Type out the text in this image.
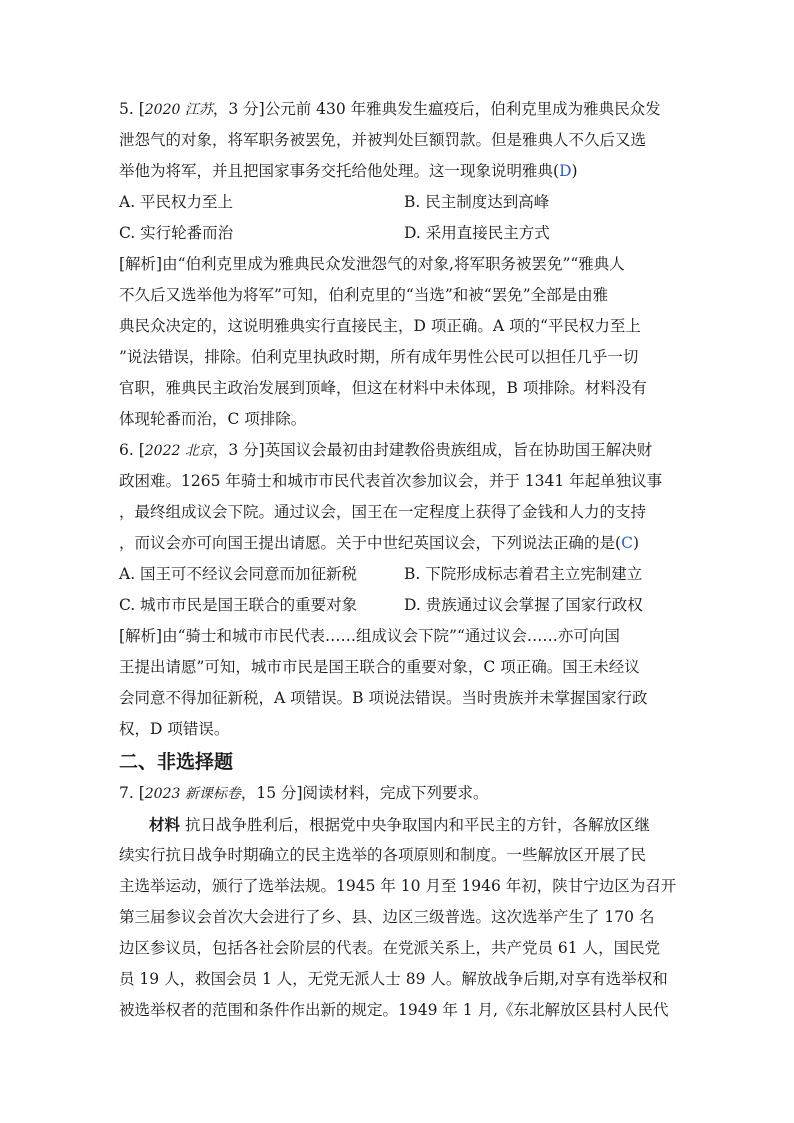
5. [2020 江苏，3 分]公元前 430 年雅典发生瘟疫后，伯利克里成为雅典民众发
泄怨气的对象，将军职务被罢免，并被判处巨额罚款。但是雅典人不久后又选
举他为将军，并且把国家事务交托给他处理。这一现象说明雅典(D)
A. 平民权力至上	B. 民主制度达到高峰
C. 实行轮番而治	D. 采用直接民主方式
[解析]由“伯利克里成为雅典民众发泄怨气的对象,将军职务被罢免”“雅典人
不久后又选举他为将军”可知，伯利克里的“当选”和被“罢免”全部是由雅
典民众决定的，这说明雅典实行直接民主，D 项正确。A 项的“平民权力至上
”说法错误，排除。伯利克里执政时期，所有成年男性公民可以担任几乎一切
官职，雅典民主政治发展到顶峰，但这在材料中未体现，B 项排除。材料没有
体现轮番而治，C 项排除。
6. [2022 北京，3 分]英国议会最初由封建教俗贵族组成，旨在协助国王解决财
政困难。1265 年骑士和城市市民代表首次参加议会，并于 1341 年起单独议事
，最终组成议会下院。通过议会，国王在一定程度上获得了金钱和人力的支持
，而议会亦可向国王提出请愿。关于中世纪英国议会，下列说法正确的是(C)
A. 国王可不经议会同意而加征新税	B. 下院形成标志着君主立宪制建立
C. 城市市民是国王联合的重要对象	D. 贵族通过议会掌握了国家行政权
[解析]由“骑士和城市市民代表……组成议会下院”“通过议会……亦可向国
王提出请愿”可知，城市市民是国王联合的重要对象，C 项正确。国王未经议
会同意不得加征新税，A 项错误。B 项说法错误。当时贵族并未掌握国家行政
权，D 项错误。
二、非选择题
7. [2023 新课标卷，15 分]阅读材料，完成下列要求。
材料 抗日战争胜利后，根据党中央争取国内和平民主的方针，各解放区继
续实行抗日战争时期确立的民主选举的各项原则和制度。一些解放区开展了民
主选举运动，颁行了选举法规。1945 年 10 月至 1946 年初，陕甘宁边区为召开
第三届参议会首次大会进行了乡、县、边区三级普选。这次选举产生了 170 名
边区参议员，包括各社会阶层的代表。在党派关系上，共产党员 61 人，国民党
员 19 人，救国会员 1 人，无党无派人士 89 人。解放战争后期,对享有选举权和
被选举权者的范围和条件作出新的规定。1949 年 1 月,《东北解放区县村人民代
